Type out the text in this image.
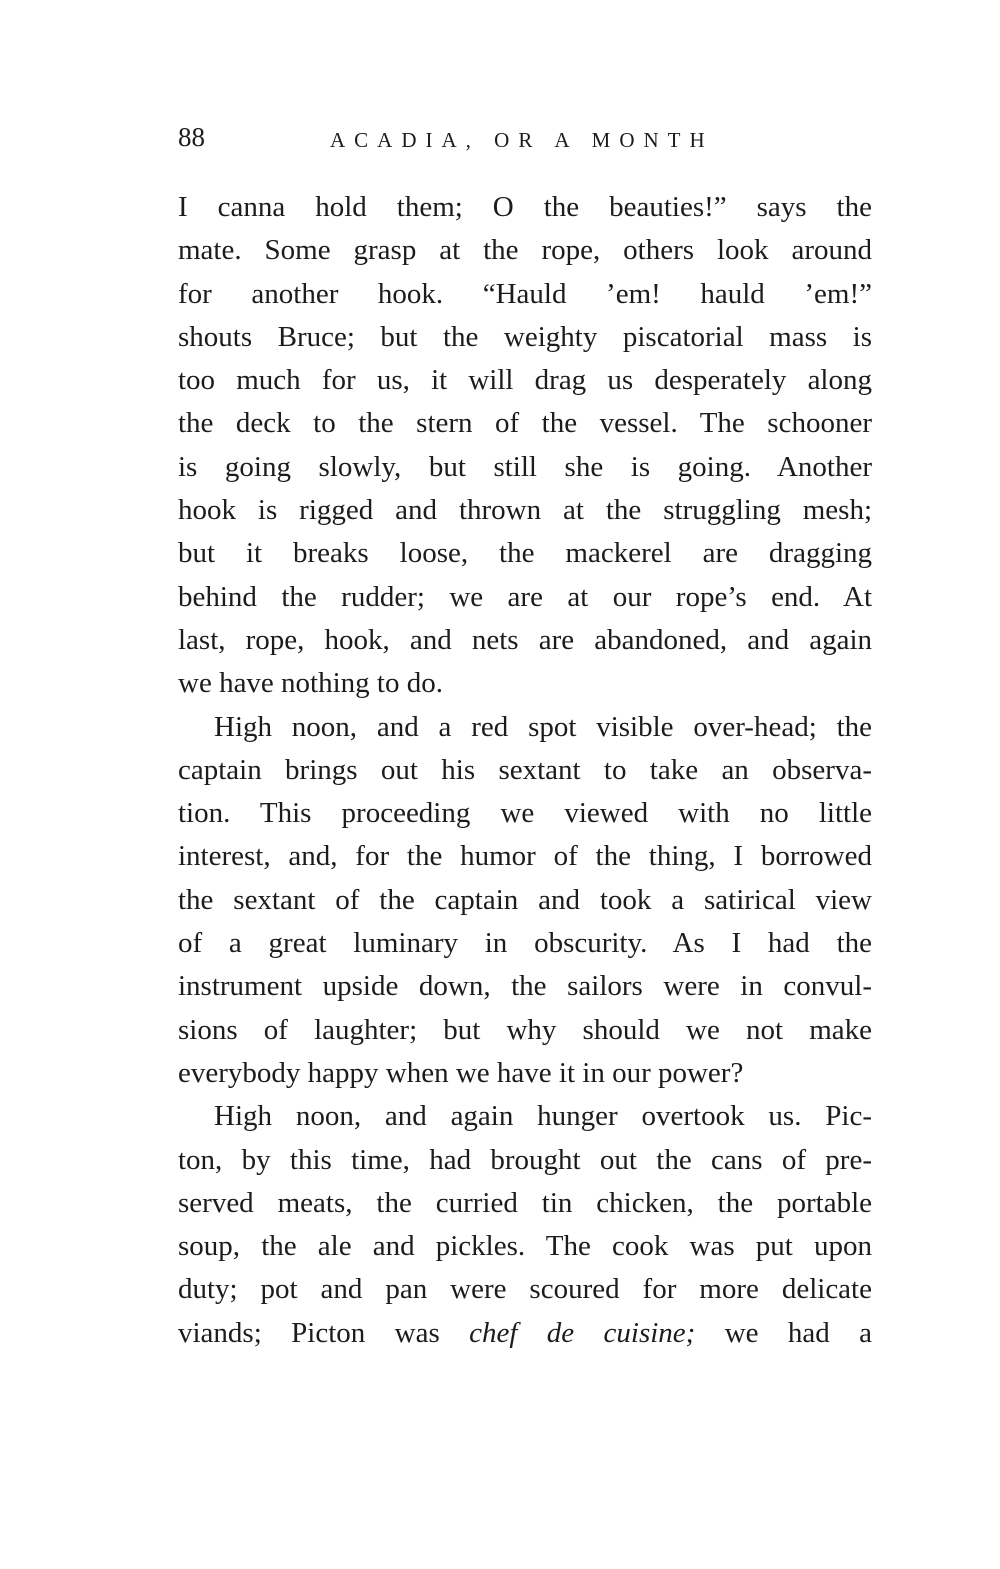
88	ACADIA, OR A MONTH
I canna hold them; O the beauties!” says the
mate. Some grasp at the rope, others look around
for another hook. “Hauld ’em! hauld ’em!”
shouts Bruce; but the weighty piscatorial mass is
too much for us, it will drag us desperately along
the deck to the stern of the vessel. The schooner
is going slowly, but still she is going. Another
hook is rigged and thrown at the struggling mesh;
but it breaks loose, the mackerel are dragging
behind the rudder; we are at our rope’s end. At
last, rope, hook, and nets are abandoned, and again
we have nothing to do.
High noon, and a red spot visible over-head; the
captain brings out his sextant to take an observa-
tion. This proceeding we viewed with no little
interest, and, for the humor of the thing, I borrowed
the sextant of the captain and took a satirical view
of a great luminary in obscurity. As I had the
instrument upside down, the sailors were in convul-
sions of laughter; but why should we not make
everybody happy when we have it in our power?
High noon, and again hunger overtook us. Pic-
ton, by this time, had brought out the cans of pre-
served meats, the curried tin chicken, the portable
soup, the ale and pickles. The cook was put upon
duty; pot and pan were scoured for more delicate
viands; Picton was chef de cuisine; we had a
